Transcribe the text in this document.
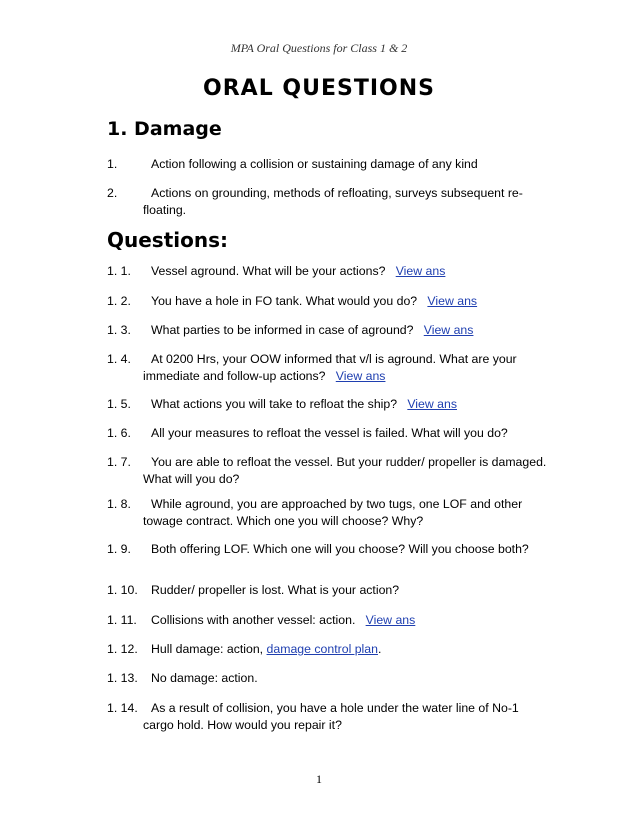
MPA Oral Questions for Class 1 & 2
ORAL QUESTIONS
1. Damage
1.	Action following a collision or sustaining damage of any kind
2.	Actions on grounding, methods of refloating, surveys subsequent re-floating.
Questions:
1. 1.	Vessel aground. What will be your actions? View ans
1. 2.	You have a hole in FO tank. What would you do? View ans
1. 3.	What parties to be informed in case of aground? View ans
1. 4.	At 0200 Hrs, your OOW informed that v/l is aground. What are your immediate and follow-up actions? View ans
1. 5.	What actions you will take to refloat the ship? View ans
1. 6.	All your measures to refloat the vessel is failed. What will you do?
1. 7.	You are able to refloat the vessel. But your rudder/ propeller is damaged. What will you do?
1. 8.	While aground, you are approached by two tugs, one LOF and other towage contract. Which one you will choose? Why?
1. 9.	Both offering LOF. Which one will you choose? Will you choose both?
1. 10.	Rudder/ propeller is lost. What is your action?
1. 11.	Collisions with another vessel: action. View ans
1. 12.	Hull damage: action, damage control plan.
1. 13.	No damage: action.
1. 14.	As a result of collision, you have a hole under the water line of No-1 cargo hold. How would you repair it?
1
